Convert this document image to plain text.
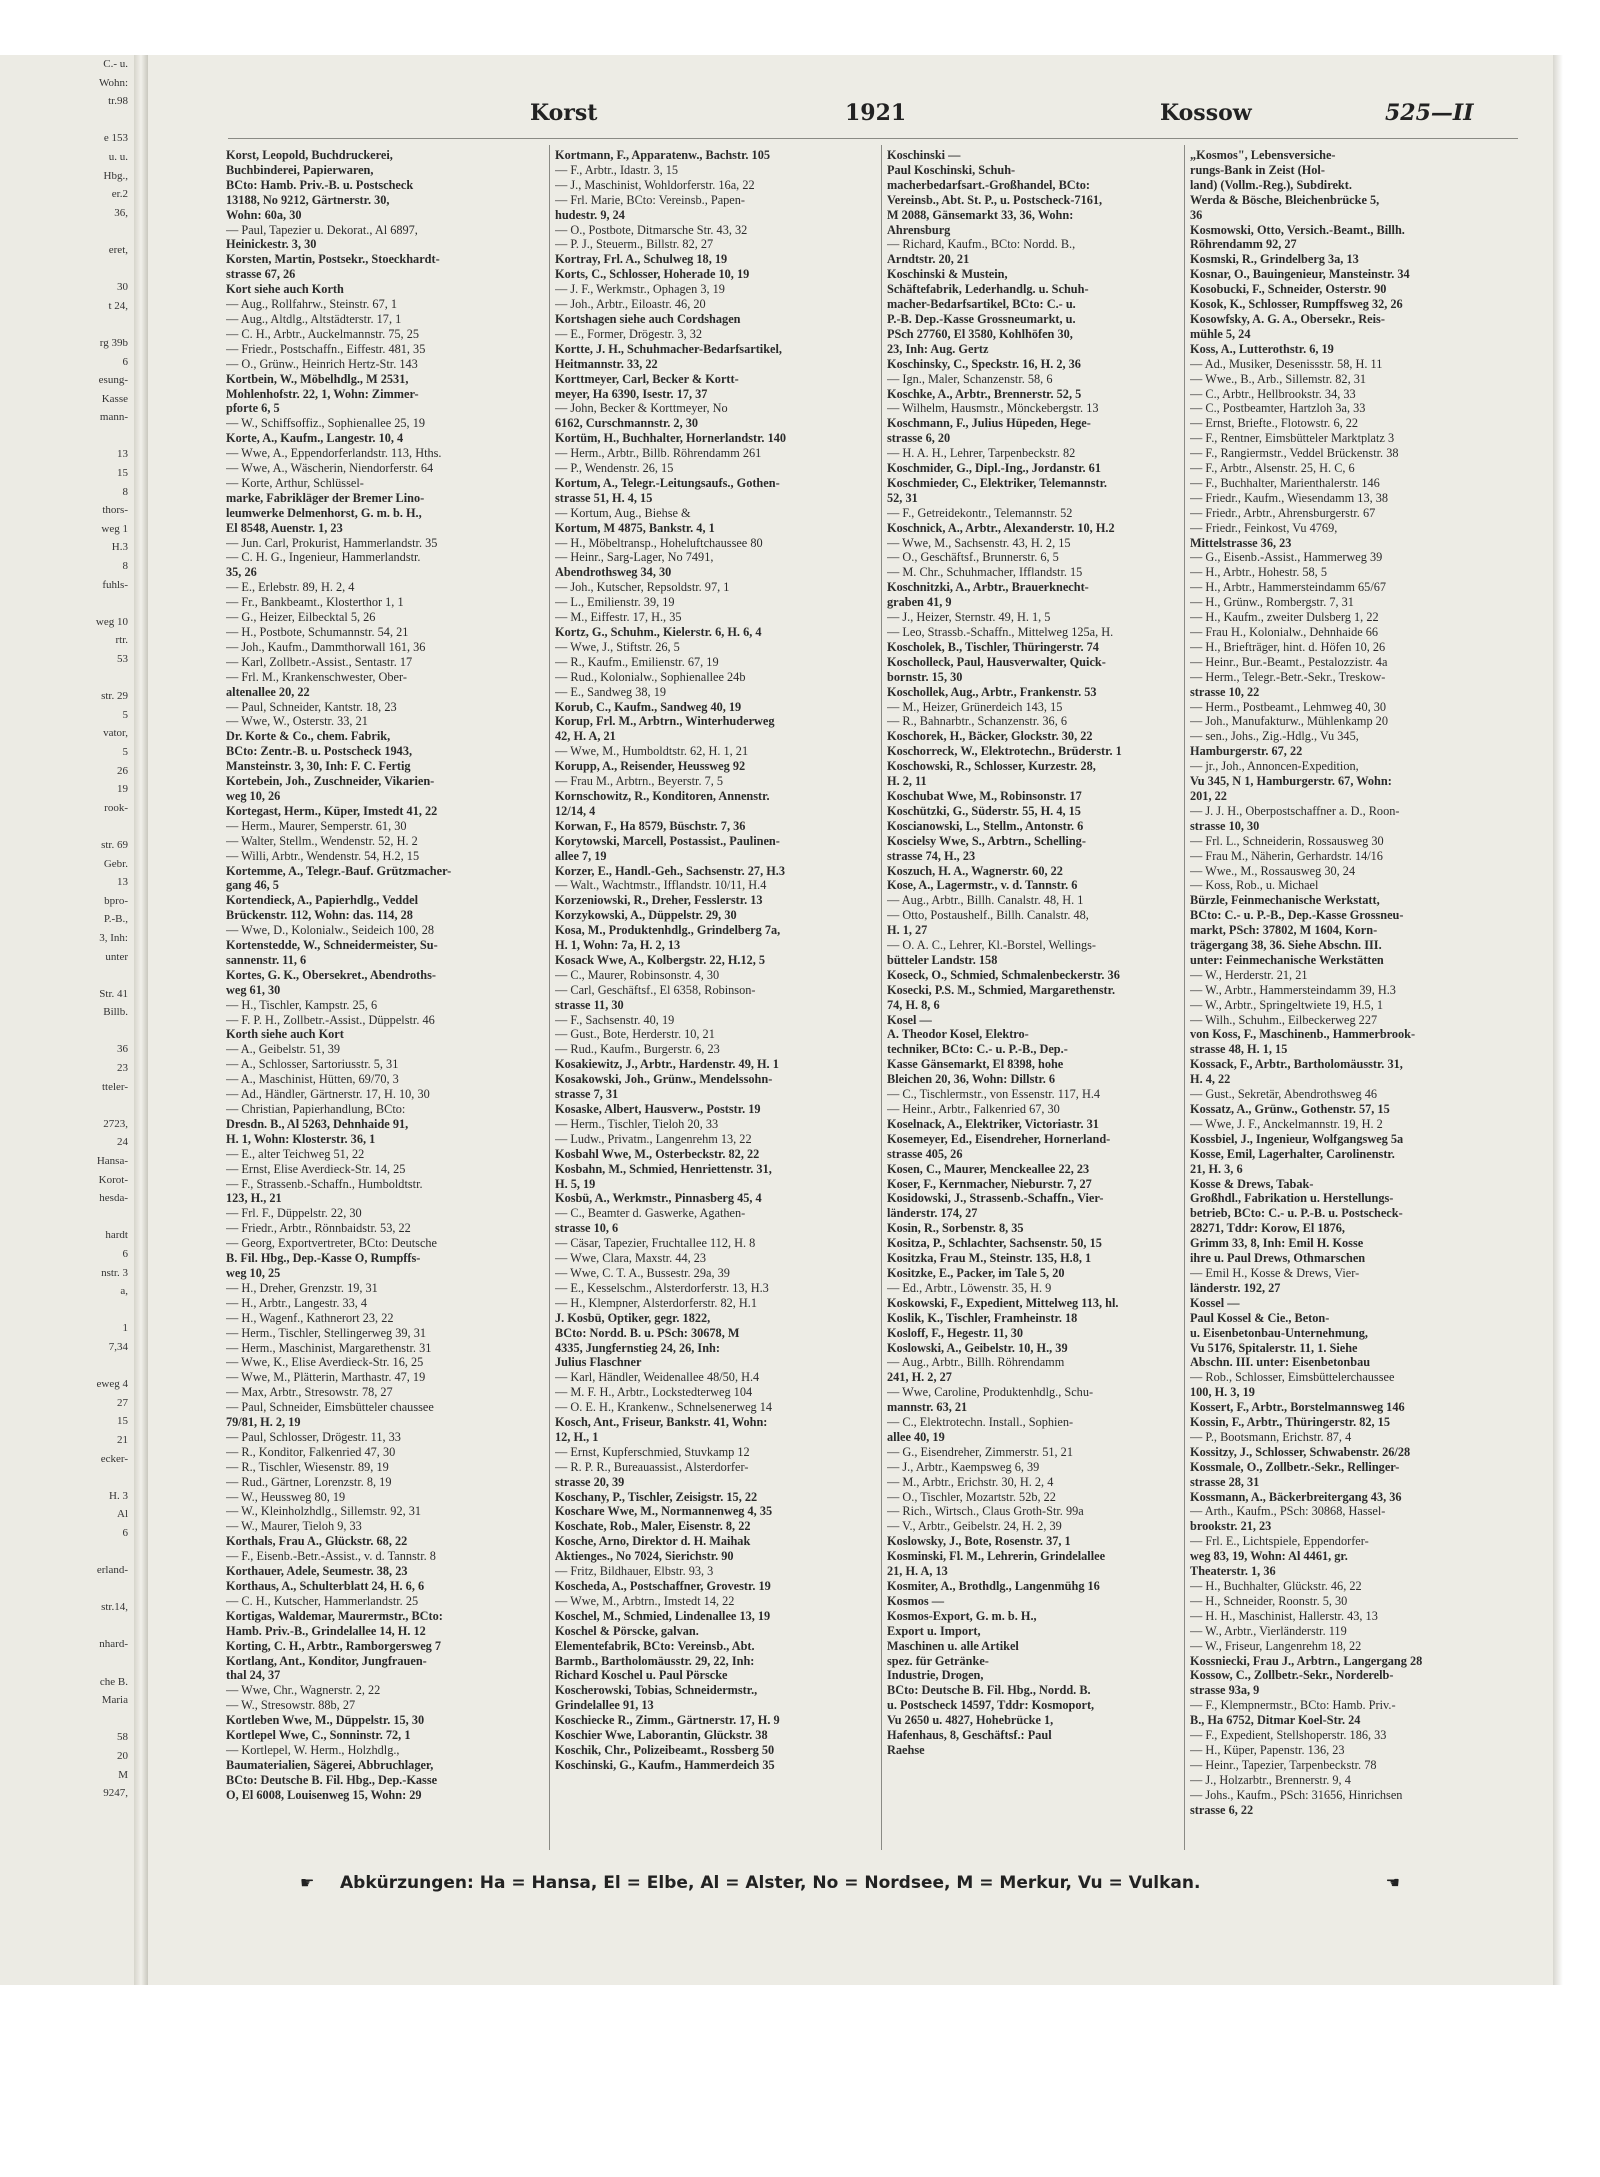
C.- u.
Wohn:
tr.98

e 153
u. u.
Hbg.,
er.2
36,

eret,

30
t 24,

rg 39b
6
esung-
Kasse
mann-

13
15
8
thors-
weg 1
H.3
8
fuhls-

weg 10
rtr.
53

str. 29
5
vator,
5
26
19
rook-

str. 69
Gebr.
13
bpro-
P.-B.,
3, Inh:
unter

Str. 41
Billb.

36
23
tteler-

2723,
24
Hansa-
Korot-
hesda-

hardt
6
nstr. 3
a,

1
7,34

eweg 4
27
15
21
ecker-

H. 3
Al
6

erland-

str.14,

nhard-

che B.
Maria

58
20
M
9247,
Korst	1921	Kossow	525—II
Korst, Leopold, Buchdruckerei,
Buchbinderei, Papierwaren,
BCto: Hamb. Priv.-B. u. Postscheck
13188, No 9212, Gärtnerstr. 30,
Wohn: 60a, 30
— Paul, Tapezier u. Dekorat., Al 6897,
Heinickestr. 3, 30
Korsten, Martin, Postsekr., Stoeckhardt-
strasse 67, 26
Kort siehe auch Korth
— Aug., Rollfahrw., Steinstr. 67, 1
— Aug., Altdlg., Altstädterstr. 17, 1
— C. H., Arbtr., Auckelmannstr. 75, 25
— Friedr., Postschaffn., Eiffestr. 481, 35
— O., Grünw., Heinrich Hertz-Str. 143
Kortbein, W., Möbelhdlg., M 2531,
Mohlenhofstr. 22, 1, Wohn: Zimmer-
pforte 6, 5
— W., Schiffsoffiz., Sophienallee 25, 19
Korte, A., Kaufm., Langestr. 10, 4
— Wwe, A., Eppendorferlandstr. 113, Hths.
— Wwe, A., Wäscherin, Niendorferstr. 64
— Korte, Arthur, Schlüssel-
marke, Fabrikläger der Bremer Lino-
leumwerke Delmenhorst, G. m. b. H.,
El 8548, Auenstr. 1, 23
— Jun. Carl, Prokurist, Hammerlandstr. 35
— C. H. G., Ingenieur, Hammerlandstr.
35, 26
— E., Erlebstr. 89, H. 2, 4
— Fr., Bankbeamt., Klosterthor 1, 1
— G., Heizer, Eilbecktal 5, 26
— H., Postbote, Schumannstr. 54, 21
— Joh., Kaufm., Dammthorwall 161, 36
— Karl, Zollbetr.-Assist., Sentastr. 17
— Frl. M., Krankenschwester, Ober-
altenallee 20, 22
— Paul, Schneider, Kantstr. 18, 23
— Wwe, W., Osterstr. 33, 21
Dr. Korte & Co., chem. Fabrik,
BCto: Zentr.-B. u. Postscheck 1943,
Mansteinstr. 3, 30, Inh: F. C. Fertig
Kortebein, Joh., Zuschneider, Vikarien-
weg 10, 26
Kortegast, Herm., Küper, Imstedt 41, 22
— Herm., Maurer, Semperstr. 61, 30
— Walter, Stellm., Wendenstr. 52, H. 2
— Willi, Arbtr., Wendenstr. 54, H.2, 15
Kortemme, A., Telegr.-Bauf. Grützmacher-
gang 46, 5
Kortendieck, A., Papierhdlg., Veddel
Brückenstr. 112, Wohn: das. 114, 28
— Wwe, D., Kolonialw., Seideich 100, 28
Kortenstedde, W., Schneidermeister, Su-
sannenstr. 11, 6
Kortes, G. K., Obersekret., Abendroths-
weg 61, 30
— H., Tischler, Kampstr. 25, 6
— F. P. H., Zollbetr.-Assist., Düppelstr. 46
Korth siehe auch Kort
— A., Geibelstr. 51, 39
— A., Schlosser, Sartoriusstr. 5, 31
— A., Maschinist, Hütten, 69/70, 3
— Ad., Händler, Gärtnerstr. 17, H. 10, 30
— Christian, Papierhandlung, BCto:
Dresdn. B., Al 5263, Dehnhaide 91,
H. 1, Wohn: Klosterstr. 36, 1
— E., alter Teichweg 51, 22
— Ernst, Elise Averdieck-Str. 14, 25
— F., Strassenb.-Schaffn., Humboldtstr.
123, H., 21
— Frl. F., Düppelstr. 22, 30
— Friedr., Arbtr., Rönnbaidstr. 53, 22
— Georg, Exportvertreter, BCto: Deutsche
B. Fil. Hbg., Dep.-Kasse O, Rumpffs-
weg 10, 25
— H., Dreher, Grenzstr. 19, 31
— H., Arbtr., Langestr. 33, 4
— H., Wagenf., Kathnerort 23, 22
— Herm., Tischler, Stellingerweg 39, 31
— Herm., Maschinist, Margarethenstr. 31
— Wwe, K., Elise Averdieck-Str. 16, 25
— Wwe, M., Plätterin, Marthastr. 47, 19
— Max, Arbtr., Stresowstr. 78, 27
— Paul, Schneider, Eimsbütteler chaussee
79/81, H. 2, 19
— Paul, Schlosser, Drögestr. 11, 33
— R., Konditor, Falkenried 47, 30
— R., Tischler, Wiesenstr. 89, 19
— Rud., Gärtner, Lorenzstr. 8, 19
— W., Heussweg 80, 19
— W., Kleinholzhdlg., Sillemstr. 92, 31
— W., Maurer, Tieloh 9, 33
Korthals, Frau A., Glückstr. 68, 22
— F., Eisenb.-Betr.-Assist., v. d. Tannstr. 8
Korthauer, Adele, Seumestr. 38, 23
Korthaus, A., Schulterblatt 24, H. 6, 6
— C. H., Kutscher, Hammerlandstr. 25
Kortigas, Waldemar, Maurermstr., BCto:
Hamb. Priv.-B., Grindelallee 14, H. 12
Korting, C. H., Arbtr., Ramborgersweg 7
Kortlang, Ant., Konditor, Jungfrauen-
thal 24, 37
— Wwe, Chr., Wagnerstr. 2, 22
— W., Stresowstr. 88b, 27
Kortleben Wwe, M., Düppelstr. 15, 30
Kortlepel Wwe, C., Sonninstr. 72, 1
— Kortlepel, W. Herm., Holzhdlg.,
Baumaterialien, Sägerei, Abbruchlager,
BCto: Deutsche B. Fil. Hbg., Dep.-Kasse
O, El 6008, Louisenweg 15, Wohn: 29
Kortmann, F., Apparatenw., Bachstr. 105
— F., Arbtr., Idastr. 3, 15
— J., Maschinist, Wohldorferstr. 16a, 22
— Frl. Marie, BCto: Vereinsb., Papen-
hudestr. 9, 24
— O., Postbote, Ditmarsche Str. 43, 32
— P. J., Steuerm., Billstr. 82, 27
Kortray, Frl. A., Schulweg 18, 19
Korts, C., Schlosser, Hoherade 10, 19
— J. F., Werkmstr., Ophagen 3, 19
— Joh., Arbtr., Eiloastr. 46, 20
Kortshagen siehe auch Cordshagen
— E., Former, Drögestr. 3, 32
Kortte, J. H., Schuhmacher-Bedarfsartikel,
Heitmannstr. 33, 22
Korttmeyer, Carl, Becker & Kortt-
meyer, Ha 6390, Isestr. 17, 37
— John, Becker & Korttmeyer, No
6162, Curschmannstr. 2, 30
Kortüm, H., Buchhalter, Hornerlandstr. 140
— Herm., Arbtr., Billb. Röhrendamm 261
— P., Wendenstr. 26, 15
Kortum, A., Telegr.-Leitungsaufs., Gothen-
strasse 51, H. 4, 15
— Kortum, Aug., Biehse &
Kortum, M 4875, Bankstr. 4, 1
— H., Möbeltransp., Hoheluftchaussee 80
— Heinr., Sarg-Lager, No 7491,
Abendrothsweg 34, 30
— Joh., Kutscher, Repsoldstr. 97, 1
— L., Emilienstr. 39, 19
— M., Eiffestr. 17, H., 35
Kortz, G., Schuhm., Kielerstr. 6, H. 6, 4
— Wwe, J., Stiftstr. 26, 5
— R., Kaufm., Emilienstr. 67, 19
— Rud., Kolonialw., Sophienallee 24b
— E., Sandweg 38, 19
Korub, C., Kaufm., Sandweg 40, 19
Korup, Frl. M., Arbtrn., Winterhuderweg
42, H. A, 21
— Wwe, M., Humboldtstr. 62, H. 1, 21
Korupp, A., Reisender, Heussweg 92
— Frau M., Arbtrn., Beyerstr. 7, 5
Kornschowitz, R., Konditoren, Annenstr.
12/14, 4
Korwan, F., Ha 8579, Büschstr. 7, 36
Korytowski, Marcell, Postassist., Paulinen-
allee 7, 19
Korzer, E., Handl.-Geh., Sachsenstr. 27, H.3
— Walt., Wachtmstr., Ifflandstr. 10/11, H.4
Korzeniowski, R., Dreher, Fesslerstr. 13
Korzykowski, A., Düppelstr. 29, 30
Kosa, M., Produktenhdlg., Grindelberg 7a,
H. 1, Wohn: 7a, H. 2, 13
Kosack Wwe, A., Kolbergstr. 22, H.12, 5
— C., Maurer, Robinsonstr. 4, 30
— Carl, Geschäftsf., El 6358, Robinson-
strasse 11, 30
— F., Sachsenstr. 40, 19
— Gust., Bote, Herderstr. 10, 21
— Rud., Kaufm., Burgerstr. 6, 23
Kosakiewitz, J., Arbtr., Hardenstr. 49, H. 1
Kosakowski, Joh., Grünw., Mendelssohn-
strasse 7, 31
Kosaske, Albert, Hausverw., Poststr. 19
— Herm., Tischler, Tieloh 20, 33
— Ludw., Privatm., Langenrehm 13, 22
Kosbahl Wwe, M., Osterbeckstr. 82, 22
Kosbahn, M., Schmied, Henriettenstr. 31,
H. 5, 19
Kosbü, A., Werkmstr., Pinnasberg 45, 4
— C., Beamter d. Gaswerke, Agathen-
strasse 10, 6
— Cäsar, Tapezier, Fruchtallee 112, H. 8
— Wwe, Clara, Maxstr. 44, 23
— Wwe, C. T. A., Bussestr. 29a, 39
— E., Kesselschm., Alsterdorferstr. 13, H.3
— H., Klempner, Alsterdorferstr. 82, H.1
J. Kosbü, Optiker, gegr. 1822,
BCto: Nordd. B. u. PSch: 30678, M
4335, Jungfernstieg 24, 26, Inh:
Julius Flaschner
— Karl, Händler, Weidenallee 48/50, H.4
— M. F. H., Arbtr., Lockstedterweg 104
— O. E. H., Krankenw., Schnelsenerweg 14
Kosch, Ant., Friseur, Bankstr. 41, Wohn:
12, H., 1
— Ernst, Kupferschmied, Stuvkamp 12
— R. P. R., Bureauassist., Alsterdorfer-
strasse 20, 39
Koschany, P., Tischler, Zeisigstr. 15, 22
Koschare Wwe, M., Normannenweg 4, 35
Koschate, Rob., Maler, Eisenstr. 8, 22
Kosche, Arno, Direktor d. H. Maihak
Aktienges., No 7024, Sierichstr. 90
— Fritz, Bildhauer, Elbstr. 93, 3
Koscheda, A., Postschaffner, Grovestr. 19
— Wwe, M., Arbtrn., Imstedt 14, 22
Koschel, M., Schmied, Lindenallee 13, 19
Koschel & Pörscke, galvan.
Elementefabrik, BCto: Vereinsb., Abt.
Barmb., Bartholomäusstr. 29, 22, Inh:
Richard Koschel u. Paul Pörscke
Koscherowski, Tobias, Schneidermstr.,
Grindelallee 91, 13
Koschiecke R., Zimm., Gärtnerstr. 17, H. 9
Koschier Wwe, Laborantin, Glückstr. 38
Koschik, Chr., Polizeibeamt., Rossberg 50
Koschinski, G., Kaufm., Hammerdeich 35
Koschinski —
Paul Koschinski, Schuh-
macherbedarfsart.-Großhandel, BCto:
Vereinsb., Abt. St. P., u. Postscheck-7161,
M 2088, Gänsemarkt 33, 36, Wohn:
Ahrensburg
— Richard, Kaufm., BCto: Nordd. B.,
Arndtstr. 20, 21
Koschinski & Mustein,
Schäftefabrik, Lederhandlg. u. Schuh-
macher-Bedarfsartikel, BCto: C.- u.
P.-B. Dep.-Kasse Grossneumarkt, u.
PSch 27760, El 3580, Kohlhöfen 30,
23, Inh: Aug. Gertz
Koschinsky, C., Speckstr. 16, H. 2, 36
— Ign., Maler, Schanzenstr. 58, 6
Koschke, A., Arbtr., Brennerstr. 52, 5
— Wilhelm, Hausmstr., Mönckebergstr. 13
Koschmann, F., Julius Hüpeden, Hege-
strasse 6, 20
— H. A. H., Lehrer, Tarpenbeckstr. 82
Koschmider, G., Dipl.-Ing., Jordanstr. 61
Koschmieder, C., Elektriker, Telemannstr.
52, 31
— F., Getreidekontr., Telemannstr. 52
Koschnick, A., Arbtr., Alexanderstr. 10, H.2
— Wwe, M., Sachsenstr. 43, H. 2, 15
— O., Geschäftsf., Brunnerstr. 6, 5
— M. Chr., Schuhmacher, Ifflandstr. 15
Koschnitzki, A., Arbtr., Brauerknecht-
graben 41, 9
— J., Heizer, Sternstr. 49, H. 1, 5
— Leo, Strassb.-Schaffn., Mittelweg 125a, H.
Koscholek, B., Tischler, Thüringerstr. 74
Koscholleck, Paul, Hausverwalter, Quick-
bornstr. 15, 30
Koschollek, Aug., Arbtr., Frankenstr. 53
— M., Heizer, Grünerdeich 143, 15
— R., Bahnarbtr., Schanzenstr. 36, 6
Koschorek, H., Bäcker, Glockstr. 30, 22
Koschorreck, W., Elektrotechn., Brüderstr. 1
Koschowski, R., Schlosser, Kurzestr. 28,
H. 2, 11
Koschubat Wwe, M., Robinsonstr. 17
Koschützki, G., Süderstr. 55, H. 4, 15
Koscianowski, L., Stellm., Antonstr. 6
Koscielsy Wwe, S., Arbtrn., Schelling-
strasse 74, H., 23
Koszuch, H. A., Wagnerstr. 60, 22
Kose, A., Lagermstr., v. d. Tannstr. 6
— Aug., Arbtr., Billh. Canalstr. 48, H. 1
— Otto, Postaushelf., Billh. Canalstr. 48,
H. 1, 27
— O. A. C., Lehrer, Kl.-Borstel, Wellings-
bütteler Landstr. 158
Koseck, O., Schmied, Schmalenbeckerstr. 36
Kosecki, P.S. M., Schmied, Margarethenstr.
74, H. 8, 6
Kosel —
A. Theodor Kosel, Elektro-
techniker, BCto: C.- u. P.-B., Dep.-
Kasse Gänsemarkt, El 8398, hohe
Bleichen 20, 36, Wohn: Dillstr. 6
— C., Tischlermstr., von Essenstr. 117, H.4
— Heinr., Arbtr., Falkenried 67, 30
Koselnack, A., Elektriker, Victoriastr. 31
Kosemeyer, Ed., Eisendreher, Hornerland-
strasse 405, 26
Kosen, C., Maurer, Menckeallee 22, 23
Koser, F., Kernmacher, Nieburstr. 7, 27
Kosidowski, J., Strassenb.-Schaffn., Vier-
länderstr. 174, 27
Kosin, R., Sorbenstr. 8, 35
Kositza, P., Schlachter, Sachsenstr. 50, 15
Kositzka, Frau M., Steinstr. 135, H.8, 1
Kositzke, E., Packer, im Tale 5, 20
— Ed., Arbtr., Löwenstr. 35, H. 9
Koskowski, F., Expedient, Mittelweg 113, hl.
Koslik, K., Tischler, Framheinstr. 18
Kosloff, F., Hegestr. 11, 30
Koslowski, A., Geibelstr. 10, H., 39
— Aug., Arbtr., Billh. Röhrendamm
241, H. 2, 27
— Wwe, Caroline, Produktenhdlg., Schu-
mannstr. 63, 21
— C., Elektrotechn. Install., Sophien-
allee 40, 19
— G., Eisendreher, Zimmerstr. 51, 21
— J., Arbtr., Kaempsweg 6, 39
— M., Arbtr., Erichstr. 30, H. 2, 4
— O., Tischler, Mozartstr. 52b, 22
— Rich., Wirtsch., Claus Groth-Str. 99a
— V., Arbtr., Geibelstr. 24, H. 2, 39
Koslowsky, J., Bote, Rosenstr. 37, 1
Kosminski, Fl. M., Lehrerin, Grindelallee
21, H. A, 13
Kosmiter, A., Brothdlg., Langenmühg 16
Kosmos —
Kosmos-Export, G. m. b. H.,
Export u. Import,
Maschinen u. alle Artikel
spez. für Getränke-
Industrie, Drogen,
BCto: Deutsche B. Fil. Hbg., Nordd. B.
u. Postscheck 14597, Tddr: Kosmoport,
Vu 2650 u. 4827, Hohebrücke 1,
Hafenhaus, 8, Geschäftsf.: Paul
Raehse
„Kosmos", Lebensversiche-
rungs-Bank in Zeist (Hol-
land) (Vollm.-Reg.), Subdirekt.
Werda & Bösche, Bleichenbrücke 5,
36
Kosmowski, Otto, Versich.-Beamt., Billh.
Röhrendamm 92, 27
Kosmski, R., Grindelberg 3a, 13
Kosnar, O., Bauingenieur, Mansteinstr. 34
Kosobucki, F., Schneider, Osterstr. 90
Kosok, K., Schlosser, Rumpffsweg 32, 26
Kosowfsky, A. G. A., Obersekr., Reis-
mühle 5, 24
Koss, A., Lutterothstr. 6, 19
— Ad., Musiker, Desenissstr. 58, H. 11
— Wwe., B., Arb., Sillemstr. 82, 31
— C., Arbtr., Hellbrookstr. 34, 33
— C., Postbeamter, Hartzloh 3a, 33
— Ernst, Briefte., Flotowstr. 6, 22
— F., Rentner, Eimsbütteler Marktplatz 3
— F., Rangiermstr., Veddel Brückenstr. 38
— F., Arbtr., Alsenstr. 25, H. C, 6
— F., Buchhalter, Marienthalerstr. 146
— Friedr., Kaufm., Wiesendamm 13, 38
— Friedr., Arbtr., Ahrensburgerstr. 67
— Friedr., Feinkost, Vu 4769,
Mittelstrasse 36, 23
— G., Eisenb.-Assist., Hammerweg 39
— H., Arbtr., Hohestr. 58, 5
— H., Arbtr., Hammersteindamm 65/67
— H., Grünw., Rombergstr. 7, 31
— H., Kaufm., zweiter Dulsberg 1, 22
— Frau H., Kolonialw., Dehnhaide 66
— H., Briefträger, hint. d. Höfen 10, 26
— Heinr., Bur.-Beamt., Pestalozzistr. 4a
— Herm., Telegr.-Betr.-Sekr., Treskow-
strasse 10, 22
— Herm., Postbeamt., Lehmweg 40, 30
— Joh., Manufakturw., Mühlenkamp 20
— sen., Johs., Zig.-Hdlg., Vu 345,
Hamburgerstr. 67, 22
— jr., Joh., Annoncen-Expedition,
Vu 345, N 1, Hamburgerstr. 67, Wohn:
201, 22
— J. J. H., Oberpostschaffner a. D., Roon-
strasse 10, 30
— Frl. L., Schneiderin, Rossausweg 30
— Frau M., Näherin, Gerhardstr. 14/16
— Wwe., M., Rossausweg 30, 24
— Koss, Rob., u. Michael
Bürzle, Feinmechanische Werkstatt,
BCto: C.- u. P.-B., Dep.-Kasse Grossneu-
markt, PSch: 37802, M 1604, Korn-
trägergang 38, 36. Siehe Abschn. III.
unter: Feinmechanische Werkstätten
— W., Herderstr. 21, 21
— W., Arbtr., Hammersteindamm 39, H.3
— W., Arbtr., Springeltwiete 19, H.5, 1
— Wilh., Schuhm., Eilbeckerweg 227
von Koss, F., Maschinenb., Hammerbrook-
strasse 48, H. 1, 15
Kossack, F., Arbtr., Bartholomäusstr. 31,
H. 4, 22
— Gust., Sekretär, Abendrothsweg 46
Kossatz, A., Grünw., Gothenstr. 57, 15
— Wwe, J. F., Anckelmannstr. 19, H. 2
Kossbiel, J., Ingenieur, Wolfgangsweg 5a
Kosse, Emil, Lagerhalter, Carolinenstr.
21, H. 3, 6
Kosse & Drews, Tabak-
Großhdl., Fabrikation u. Herstellungs-
betrieb, BCto: C.- u. P.-B. u. Postscheck-
28271, Tddr: Korow, El 1876,
Grimm 33, 8, Inh: Emil H. Kosse
ihre u. Paul Drews, Othmarschen
— Emil H., Kosse & Drews, Vier-
länderstr. 192, 27
Kossel —
Paul Kossel & Cie., Beton-
u. Eisenbetonbau-Unternehmung,
Vu 5176, Spitalerstr. 11, 1. Siehe
Abschn. III. unter: Eisenbetonbau
— Rob., Schlosser, Eimsbüttelerchaussee
100, H. 3, 19
Kossert, F., Arbtr., Borstelmannsweg 146
Kossin, F., Arbtr., Thüringerstr. 82, 15
— P., Bootsmann, Erichstr. 87, 4
Kossitzy, J., Schlosser, Schwabenstr. 26/28
Kossmale, O., Zollbetr.-Sekr., Rellinger-
strasse 28, 31
Kossmann, A., Bäckerbreitergang 43, 36
— Arth., Kaufm., PSch: 30868, Hassel-
brookstr. 21, 23
— Frl. E., Lichtspiele, Eppendorfer-
weg 83, 19, Wohn: Al 4461, gr.
Theaterstr. 1, 36
— H., Buchhalter, Glückstr. 46, 22
— H., Schneider, Roonstr. 5, 30
— H. H., Maschinist, Hallerstr. 43, 13
— W., Arbtr., Vierländerstr. 119
— W., Friseur, Langenrehm 18, 22
Kossniecki, Frau J., Arbtrn., Langergang 28
Kossow, C., Zollbetr.-Sekr., Norderelb-
strasse 93a, 9
— F., Klempnermstr., BCto: Hamb. Priv.-
B., Ha 6752, Ditmar Koel-Str. 24
— F., Expedient, Stellshoperstr. 186, 33
— H., Küper, Papenstr. 136, 23
— Heinr., Tapezier, Tarpenbeckstr. 78
— J., Holzarbtr., Brennerstr. 9, 4
— Johs., Kaufm., PSch: 31656, Hinrichsen
strasse 6, 22
☛ Abkürzungen: Ha = Hansa, El = Elbe, Al = Alster, No = Nordsee, M = Merkur, Vu = Vulkan.	☚
